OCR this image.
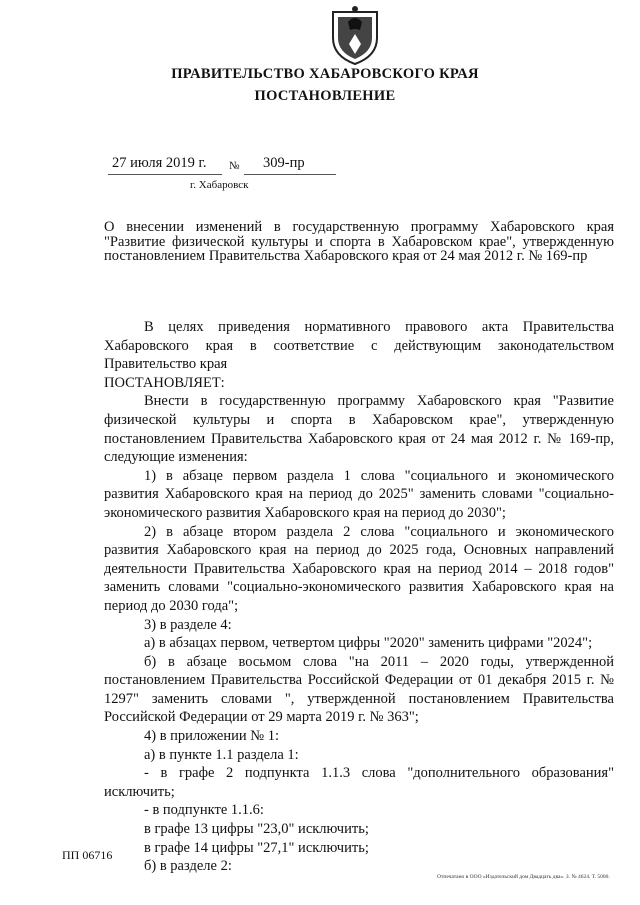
ПРАВИТЕЛЬСТВО ХАБАРОВСКОГО КРАЯ
ПОСТАНОВЛЕНИЕ
27 июля 2019 г. № 309-пр
г. Хабаровск
О внесении изменений в государственную программу Хабаровского края "Развитие физической культуры и спорта в Хабаровском крае", утвержденную постановлением Правительства Хабаровского края от 24 мая 2012 г. № 169-пр

В целях приведения нормативного правового акта Правительства Хабаровского края в соответствие с действующим законодательством Правительство края

ПОСТАНОВЛЯЕТ:

Внести в государственную программу Хабаровского края "Развитие физической культуры и спорта в Хабаровском крае", утвержденную постановлением Правительства Хабаровского края от 24 мая 2012 г. № 169-пр, следующие изменения:

1) в абзаце первом раздела 1 слова "социального и экономического развития Хабаровского края на период до 2025" заменить словами "социально-экономического развития Хабаровского края на период до 2030";

2) в абзаце втором раздела 2 слова "социального и экономического развития Хабаровского края на период до 2025 года, Основных направлений деятельности Правительства Хабаровского края на период 2014 – 2018 годов" заменить словами "социально-экономического развития Хабаровского края на период до 2030 года";

3) в разделе 4:

а) в абзацах первом, четвертом цифры "2020" заменить цифрами "2024";

б) в абзаце восьмом слова "на 2011 – 2020 годы, утвержденной постановлением Правительства Российской Федерации от 01 декабря 2015 г. № 1297" заменить словами ", утвержденной постановлением Правительства Российской Федерации от 29 марта 2019 г. № 363";

4) в приложении № 1:

а) в пункте 1.1 раздела 1:

- в графе 2 подпункта 1.1.3 слова "дополнительного образования" исключить;

- в подпункте 1.1.6:

в графе 13 цифры "23,0" исключить;

в графе 14 цифры "27,1" исключить;

б) в разделе 2:

ПП 06716
Отпечатано в ООО «Издательский дом Двадцать два». З. № 4624. Т. 5000.
